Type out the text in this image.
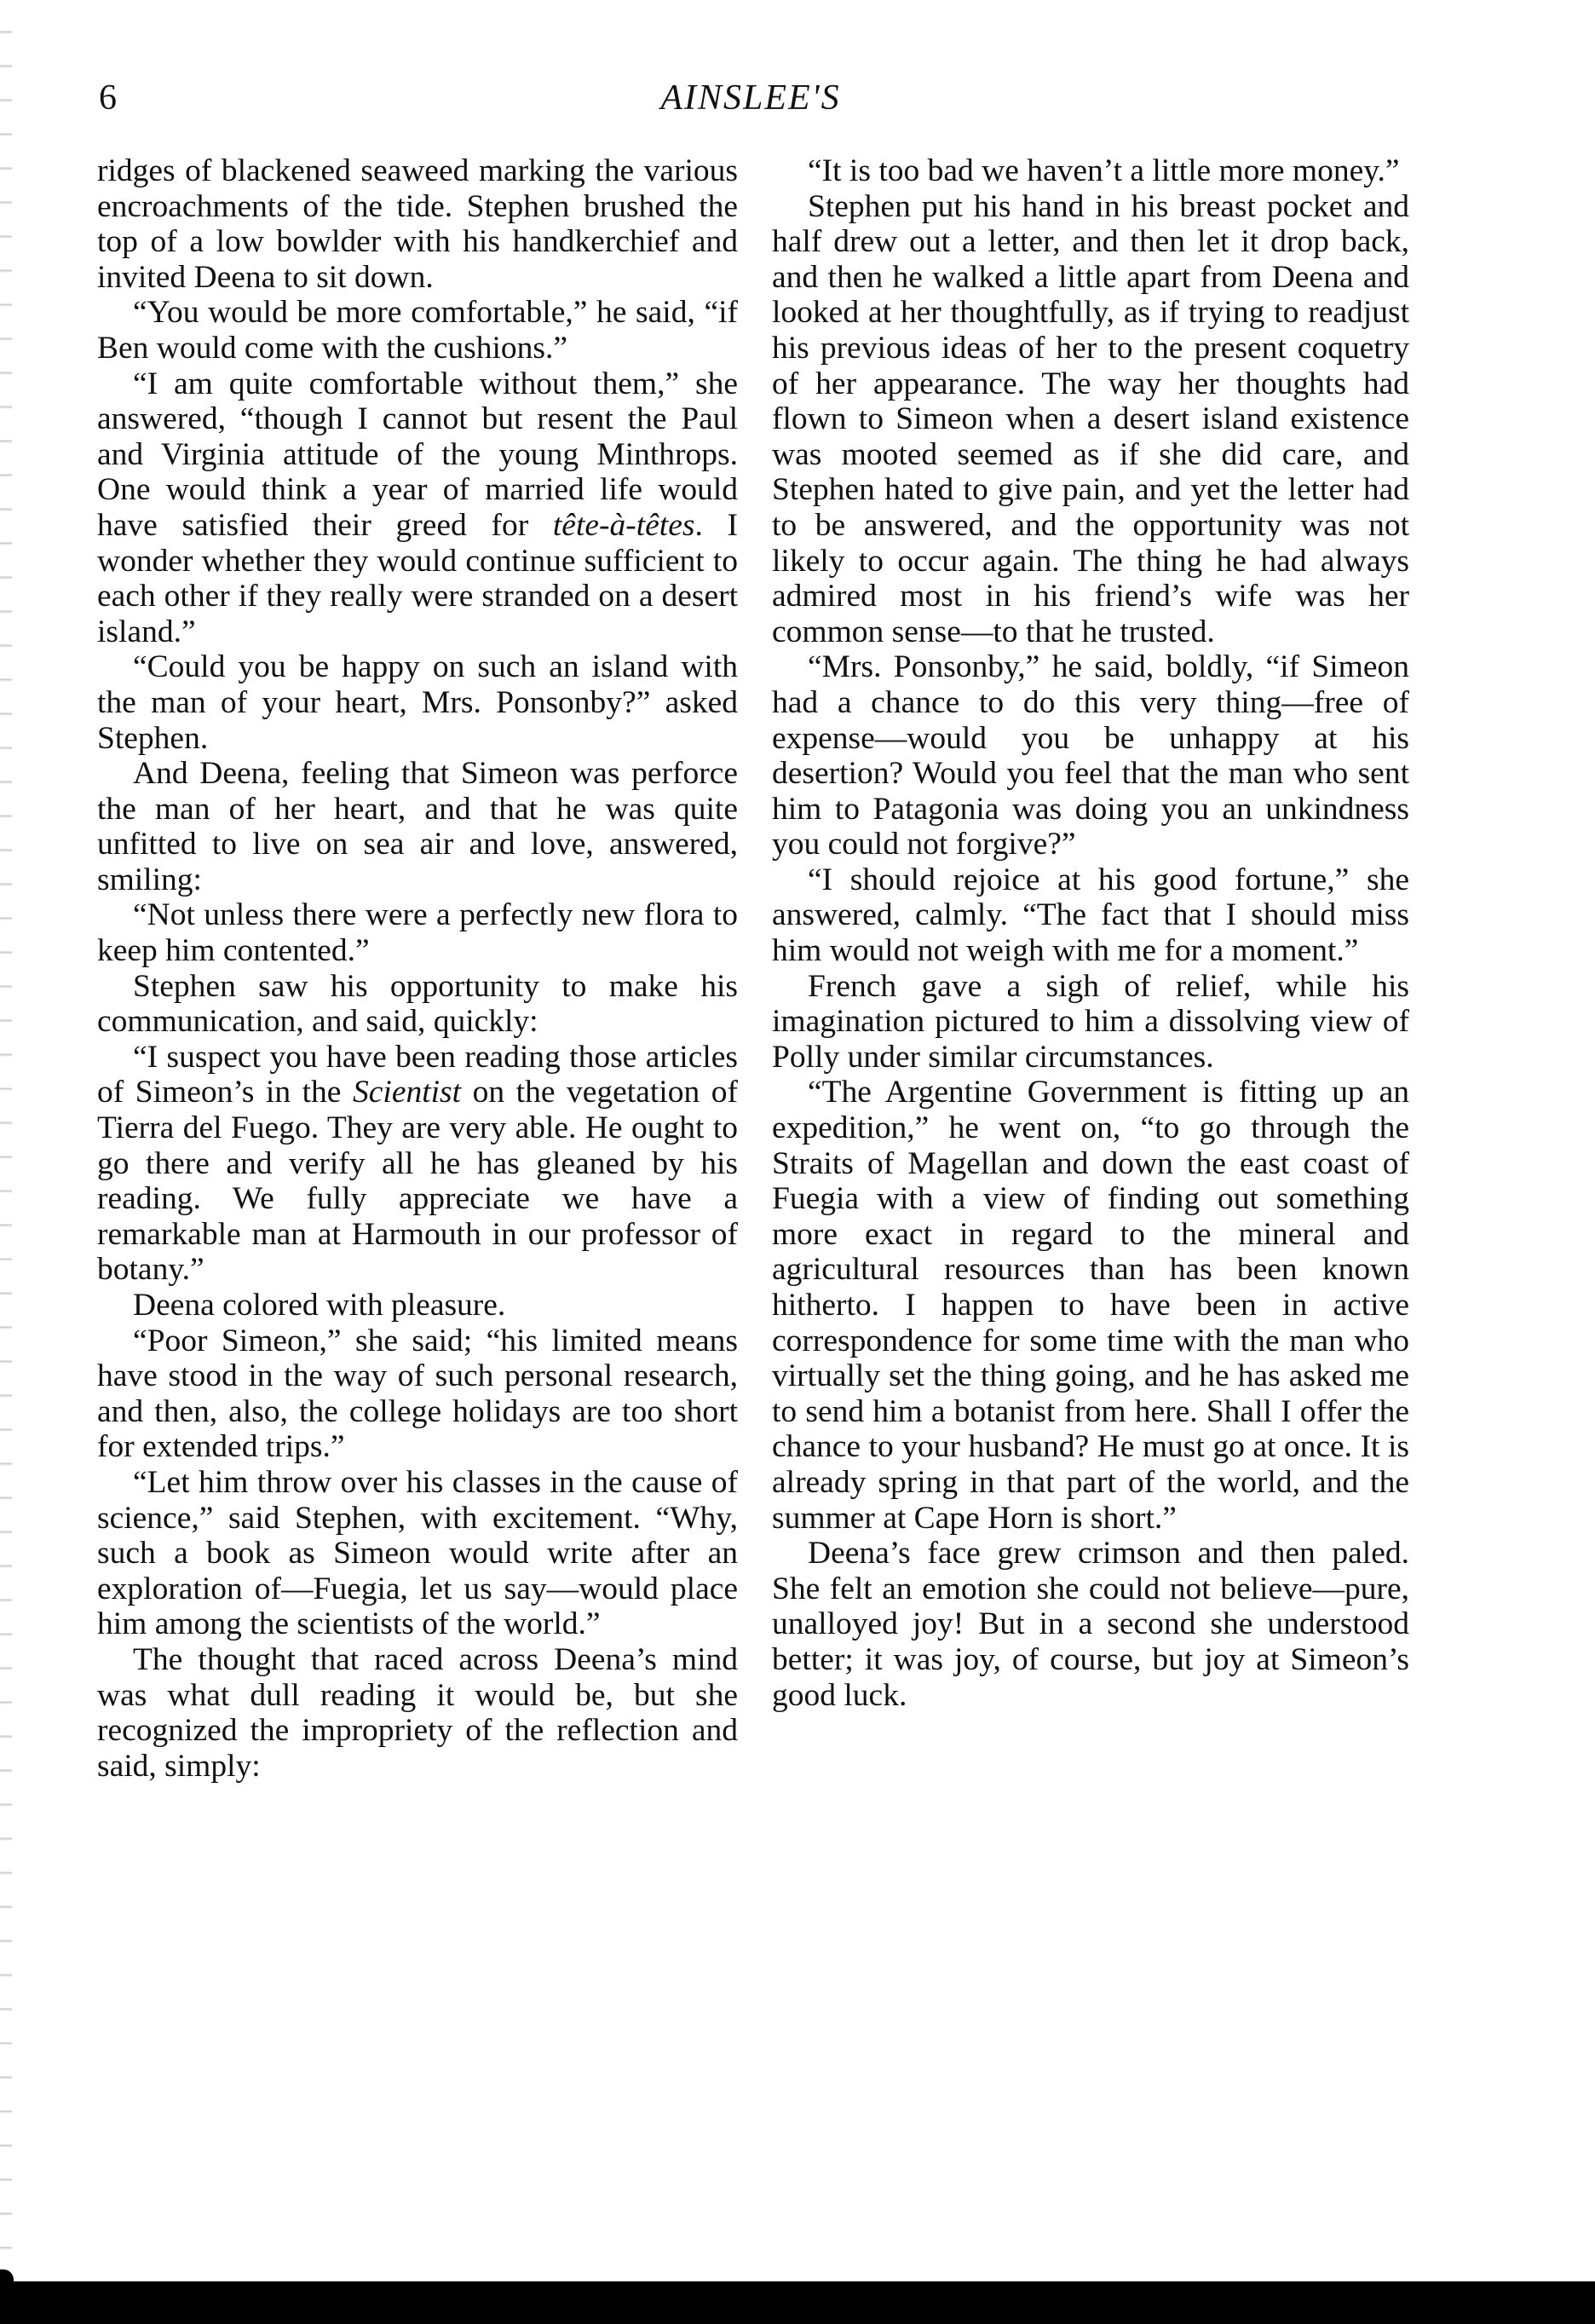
6	AINSLEE'S

ridges of blackened seaweed marking the various encroachments of the tide. Stephen brushed the top of a low bowlder with his handkerchief and invited Deena to sit down.

“You would be more comfortable,” he said, “if Ben would come with the cushions.”

“I am quite comfortable without them,” she answered, “though I cannot but resent the Paul and Virginia attitude of the young Minthrops. One would think a year of married life would have satisfied their greed for tête-à-têtes. I wonder whether they would continue sufficient to each other if they really were stranded on a desert island.”

“Could you be happy on such an island with the man of your heart, Mrs. Ponsonby?” asked Stephen.

And Deena, feeling that Simeon was perforce the man of her heart, and that he was quite unfitted to live on sea air and love, answered, smiling:

“Not unless there were a perfectly new flora to keep him contented.”

Stephen saw his opportunity to make his communication, and said, quickly:

“I suspect you have been reading those articles of Simeon’s in the Scientist on the vegetation of Tierra del Fuego. They are very able. He ought to go there and verify all he has gleaned by his reading. We fully appreciate we have a remarkable man at Harmouth in our professor of botany.”

Deena colored with pleasure.

“Poor Simeon,” she said; “his limited means have stood in the way of such personal research, and then, also, the college holidays are too short for extended trips.”

“Let him throw over his classes in the cause of science,” said Stephen, with excitement. “Why, such a book as Simeon would write after an exploration of—Fuegia, let us say—would place him among the scientists of the world.”

The thought that raced across Deena’s mind was what dull reading it would be, but she recognized the impropriety of the reflection and said, simply:

“It is too bad we haven’t a little more money.”

Stephen put his hand in his breast pocket and half drew out a letter, and then let it drop back, and then he walked a little apart from Deena and looked at her thoughtfully, as if trying to readjust his previous ideas of her to the present coquetry of her appearance. The way her thoughts had flown to Simeon when a desert island existence was mooted seemed as if she did care, and Stephen hated to give pain, and yet the letter had to be answered, and the opportunity was not likely to occur again. The thing he had always admired most in his friend’s wife was her common sense—to that he trusted.

“Mrs. Ponsonby,” he said, boldly, “if Simeon had a chance to do this very thing—free of expense—would you be unhappy at his desertion? Would you feel that the man who sent him to Patagonia was doing you an unkindness you could not forgive?”

“I should rejoice at his good fortune,” she answered, calmly. “The fact that I should miss him would not weigh with me for a moment.”

French gave a sigh of relief, while his imagination pictured to him a dissolving view of Polly under similar circumstances.

“The Argentine Government is fitting up an expedition,” he went on, “to go through the Straits of Magellan and down the east coast of Fuegia with a view of finding out something more exact in regard to the mineral and agricultural resources than has been known hitherto. I happen to have been in active correspondence for some time with the man who virtually set the thing going, and he has asked me to send him a botanist from here. Shall I offer the chance to your husband? He must go at once. It is already spring in that part of the world, and the summer at Cape Horn is short.”

Deena’s face grew crimson and then paled. She felt an emotion she could not believe—pure, unalloyed joy! But in a second she understood better; it was joy, of course, but joy at Simeon’s good luck.
